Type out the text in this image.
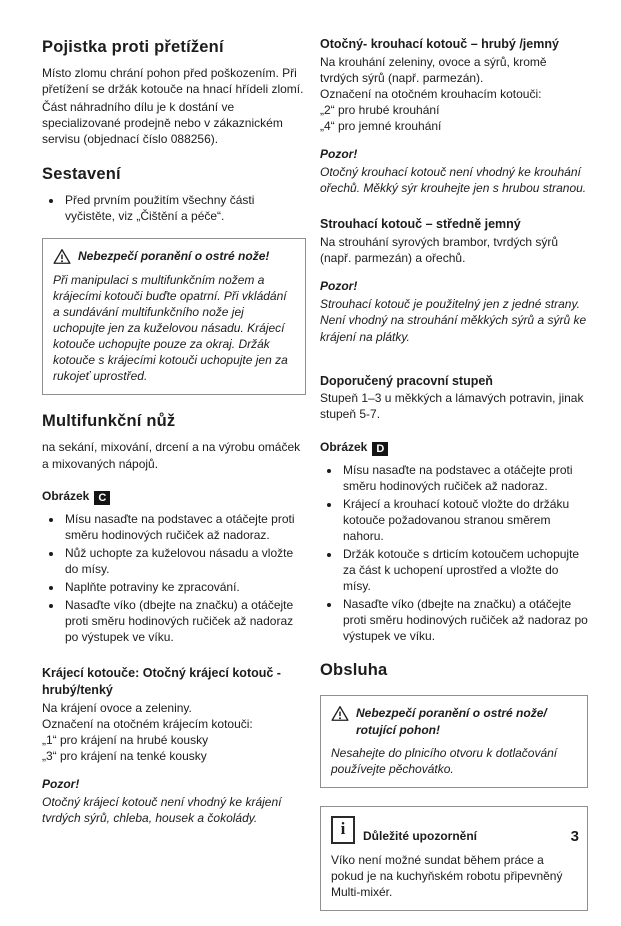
Pojistka proti přetížení

Místo zlomu chrání pohon před poškozením. Při přetížení se držák kotouče na hnací hřídeli zlomí.

Část náhradního dílu je k dostání ve specializované prodejně nebo v zákaznickém servisu (objednací číslo 088256).

Sestavení
• Před prvním použitím všechny části vyčistěte, viz „Čištění a péče“.
Nebezpečí poranění o ostré nože!

Při manipulaci s multifunkčním nožem a krájecími kotouči buďte opatrní. Při vkládání a sundávání multifunkčního nože jej uchopujte jen za kuželovou násadu. Krájecí kotouče uchopujte pouze za okraj. Držák kotouče s krájecími kotouči uchopujte jen za rukojeť uprostřed.

Multifunkční nůž

na sekání, mixování, drcení a na výrobu omáček a mixovaných nápojů.

Obrázek C
• Mísu nasaďte na podstavec a otáčejte proti směru hodinových ručiček až nadoraz.
• Nůž uchopte za kuželovou násadu a vložte do mísy.
• Naplňte potraviny ke zpracování.
• Nasaďte víko (dbejte na značku) a otáčejte proti směru hodinových ručiček až nadoraz po výstupek ve víku.
Krájecí kotouče: Otočný krájecí kotouč - hrubý/tenký
Na krájení ovoce a zeleniny.
Označení na otočném krájecím kotouči:
„1“ pro krájení na hrubé kousky
„3“ pro krájení na tenké kousky
Pozor!

Otočný krájecí kotouč není vhodný ke krájení tvrdých sýrů, chleba, housek a čokolády.

Otočný- krouhací kotouč – hrubý /jemný
Na krouhání zeleniny, ovoce a sýrů, kromě tvrdých sýrů (např. parmezán).
Označení na otočném krouhacím kotouči:
„2“ pro hrubé krouhání
„4“ pro jemné krouhání
Pozor!

Otočný krouhací kotouč není vhodný ke krouhání ořechů. Měkký sýr krouhejte jen s hrubou stranou.

Strouhací kotouč – středně jemný

Na strouhání syrových brambor, tvrdých sýrů (např. parmezán) a ořechů.

Pozor!

Strouhací kotouč je použitelný jen z jedné strany. Není vhodný na strouhání měkkých sýrů a sýrů ke krájení na plátky.

Doporučený pracovní stupeň

Stupeň 1–3 u měkkých a lámavých potravin, jinak stupeň 5-7.

Obrázek D
• Mísu nasaďte na podstavec a otáčejte proti směru hodinových ručiček až nadoraz.
• Krájecí a krouhací kotouč vložte do držáku kotouče požadovanou stranou směrem nahoru.
• Držák kotouče s drticím kotoučem uchopujte za část k uchopení uprostřed a vložte do mísy.
• Nasaďte víko (dbejte na značku) a otáčejte proti směru hodinových ručiček až nadoraz po výstupek ve víku.
Obsluha
Nebezpečí poranění o ostré nože/ rotující pohon!

Nesahejte do plnicího otvoru k dotlačování používejte pěchovátko.

i	Důležité upozornění

Víko není možné sundat během práce a pokud je na kuchyňském robotu připevněný Multi-mixér.

3
